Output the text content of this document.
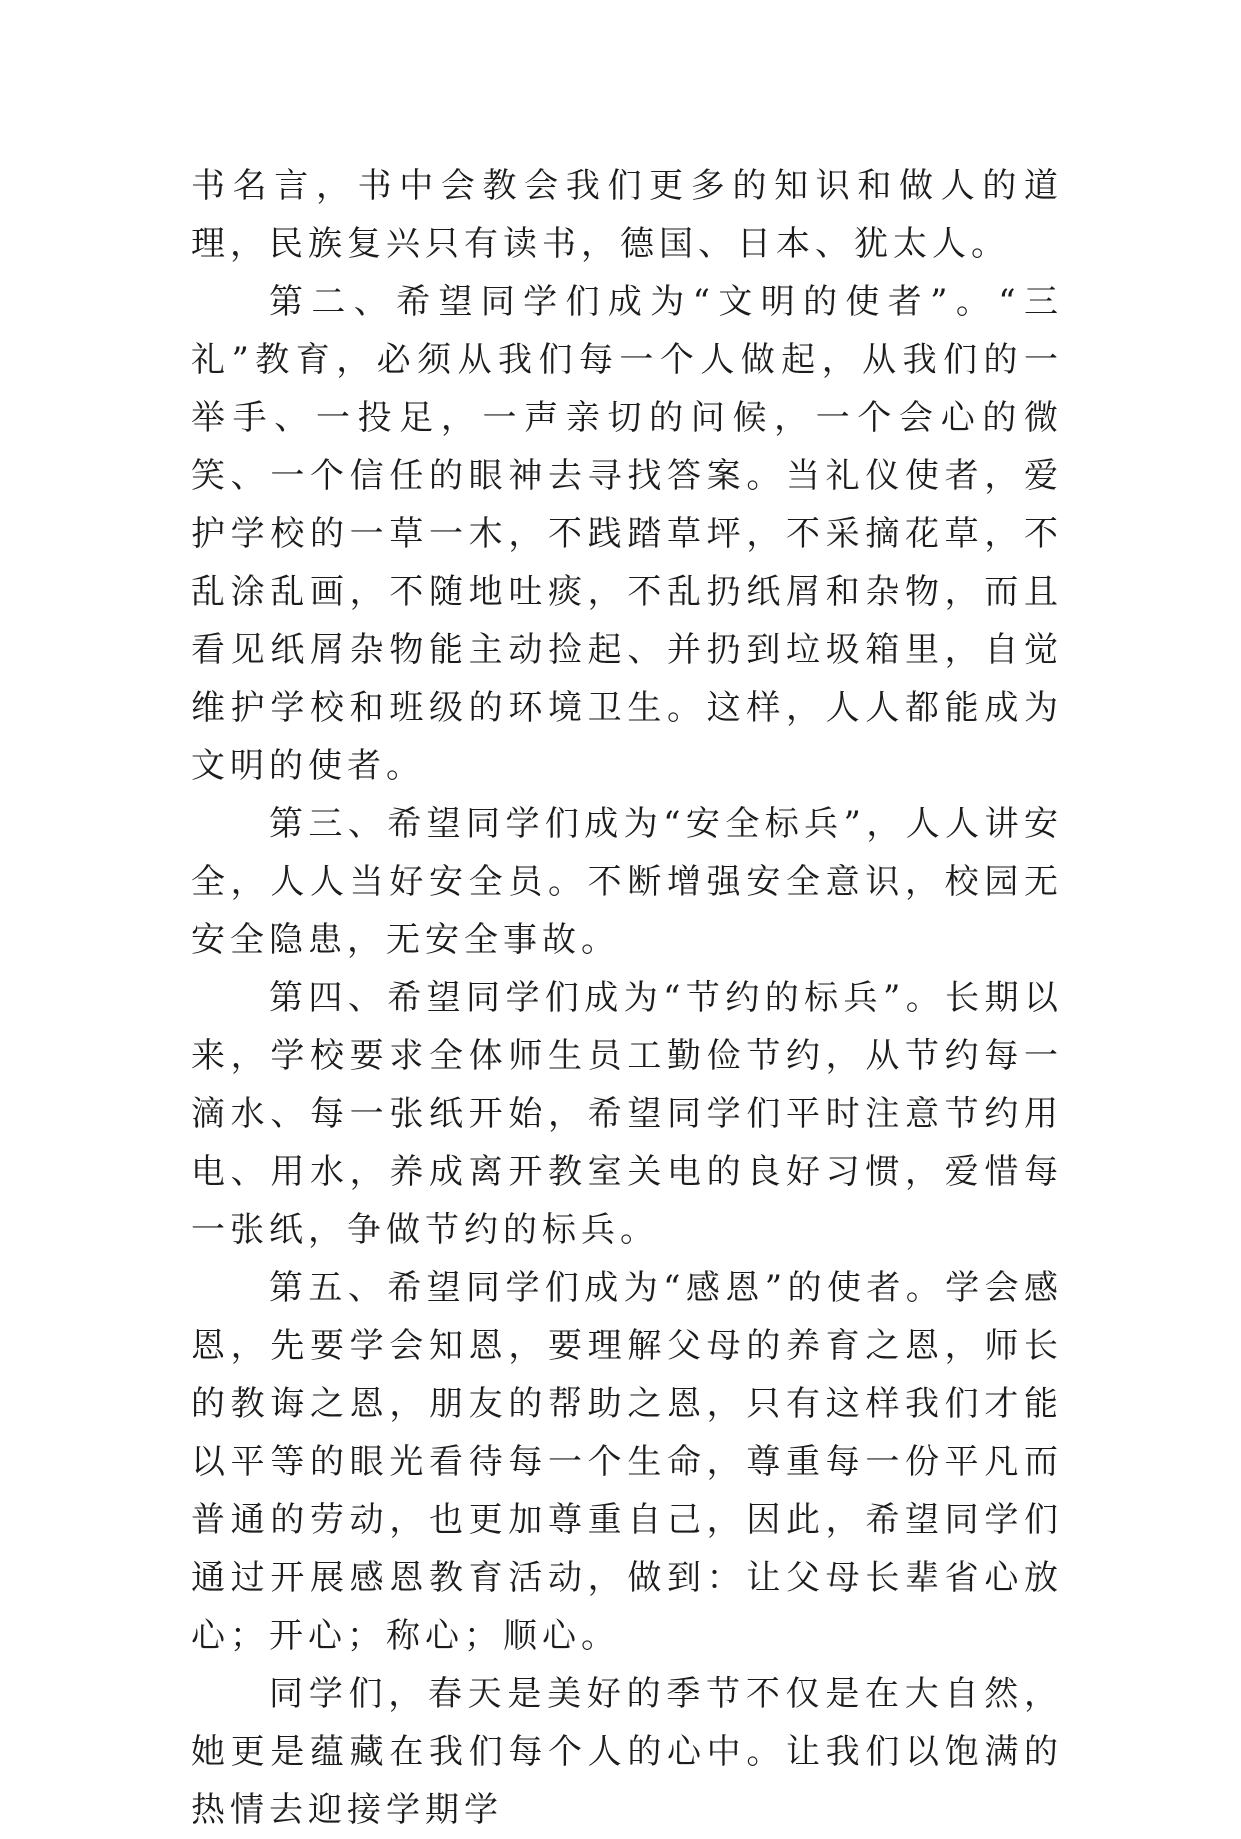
书名言，书中会教会我们更多的知识和做人的道理，民族复兴只有读书，德国、日本、犹太人。

第二、希望同学们成为“文明的使者”。“三礼”教育，必须从我们每一个人做起，从我们的一举手、一投足，一声亲切的问候，一个会心的微笑、一个信任的眼神去寻找答案。当礼仪使者，爱护学校的一草一木，不践踏草坪，不采摘花草，不乱涂乱画，不随地吐痰，不乱扔纸屑和杂物，而且看见纸屑杂物能主动捡起、并扔到垃圾箱里，自觉维护学校和班级的环境卫生。这样，人人都能成为文明的使者。

第三、希望同学们成为“安全标兵”，人人讲安全，人人当好安全员。不断增强安全意识，校园无安全隐患，无安全事故。

第四、希望同学们成为“节约的标兵”。长期以来，学校要求全体师生员工勤俭节约，从节约每一滴水、每一张纸开始，希望同学们平时注意节约用电、用水，养成离开教室关电的良好习惯，爱惜每一张纸，争做节约的标兵。

第五、希望同学们成为“感恩”的使者。学会感恩，先要学会知恩，要理解父母的养育之恩，师长的教诲之恩，朋友的帮助之恩，只有这样我们才能以平等的眼光看待每一个生命，尊重每一份平凡而普通的劳动，也更加尊重自己，因此，希望同学们通过开展感恩教育活动，做到：让父母长辈省心放心；开心；称心；顺心。

同学们，春天是美好的季节不仅是在大自然，她更是蕴藏在我们每个人的心中。让我们以饱满的热情去迎接学期学
